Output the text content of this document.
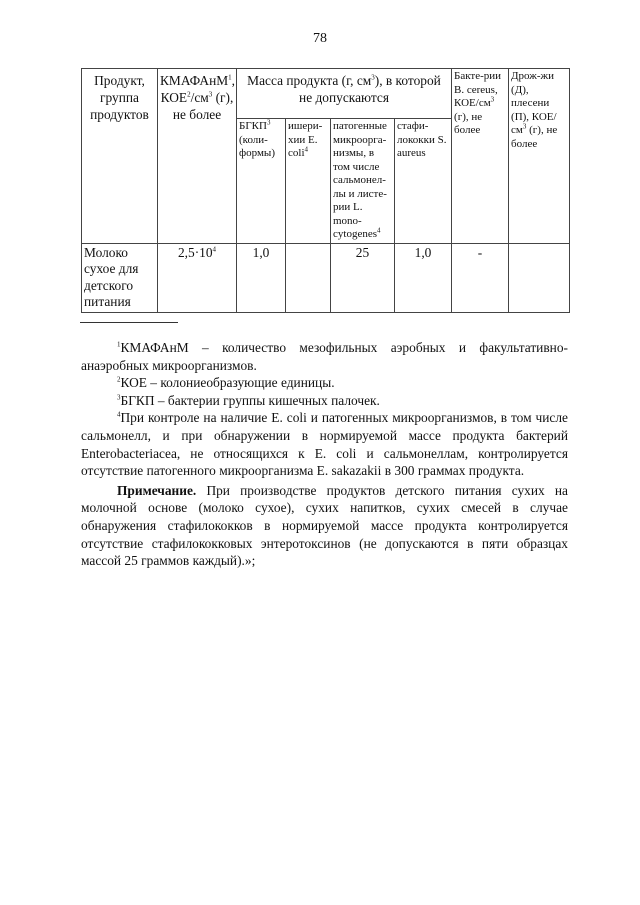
78
Продукт, группа продуктов	КМАФАнМ$^1$, $КОЕ^2/см^3$ (г), не более	Масса продукта (г, $см^3$), в которой не допускаются				Бакте-рии B. cereus, КОЕ/$см^3$ (г), не более	Дрож-жи (Д), плесени (П), КОЕ/$см^3$ (г), не более
		БГКП$^3$ (коли-формы)	ишери-хии E. coli$^4$	патогенные микроорга-низмы, в том числе сальмонел-лы и листе-рии L. mono-cytogenes$^4$	стафи-лококки S. aureus		
Молоко сухое для детского питания	$2,5\cdot 10^4$	1,0		25	1,0	-	

$^1$КМАФАнМ – количество мезофильных аэробных и факультативно-анаэробных микроорганизмов.

$^2$КОЕ – колониеобразующие единицы.

$^3$БГКП – бактерии группы кишечных палочек.

$^4$При контроле на наличие E. coli и патогенных микроорганизмов, в том числе сальмонелл, и при обнаружении в нормируемой массе продукта бактерий Enterobacteriacea, не относящихся к E. coli и сальмонеллам, контролируется отсутствие патогенного микроорганизма E. sakazakii в 300 граммах продукта.

Примечание. При производстве продуктов детского питания сухих на молочной основе (молоко сухое), сухих напитков, сухих смесей в случае обнаружения стафилококков в нормируемой массе продукта контролируется отсутствие стафилококковых энтеротоксинов (не допускаются в пяти образцах массой 25 граммов каждый).»;
